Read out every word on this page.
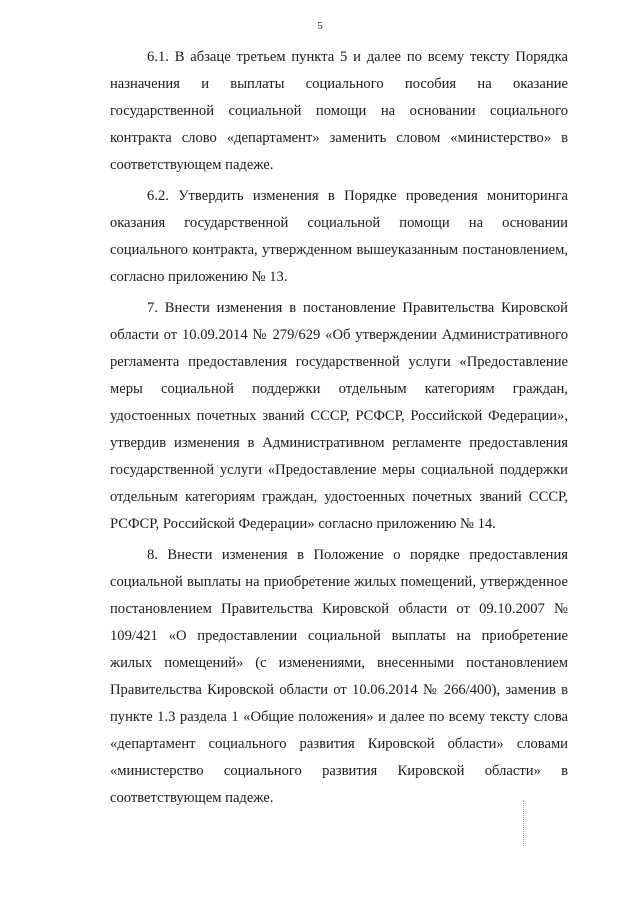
5

6.1. В абзаце третьем пункта 5 и далее по всему тексту Порядка назначения и выплаты социального пособия на оказание государственной социальной помощи на основании социального контракта слово «департамент» заменить словом «министерство» в соответствующем падеже.

6.2. Утвердить изменения в Порядке проведения мониторинга оказания государственной социальной помощи на основании социального контракта, утвержденном вышеуказанным постановлением, согласно приложению № 13.

7. Внести изменения в постановление Правительства Кировской области от 10.09.2014 № 279/629 «Об утверждении Административного регламента предоставления государственной услуги «Предоставление меры социальной поддержки отдельным категориям граждан, удостоенных почетных званий СССР, РСФСР, Российской Федерации», утвердив изменения в Административном регламенте предоставления государственной услуги «Предоставление меры социальной поддержки отдельным категориям граждан, удостоенных почетных званий СССР, РСФСР, Российской Федерации» согласно приложению № 14.

8. Внести изменения в Положение о порядке предоставления социальной выплаты на приобретение жилых помещений, утвержденное постановлением Правительства Кировской области от 09.10.2007 № 109/421 «О предоставлении социальной выплаты на приобретение жилых помещений» (с изменениями, внесенными постановлением Правительства Кировской области от 10.06.2014 № 266/400), заменив в пункте 1.3 раздела 1 «Общие положения» и далее по всему тексту слова «департамент социального развития Кировской области» словами «министерство социального развития Кировской области» в соответствующем падеже.
